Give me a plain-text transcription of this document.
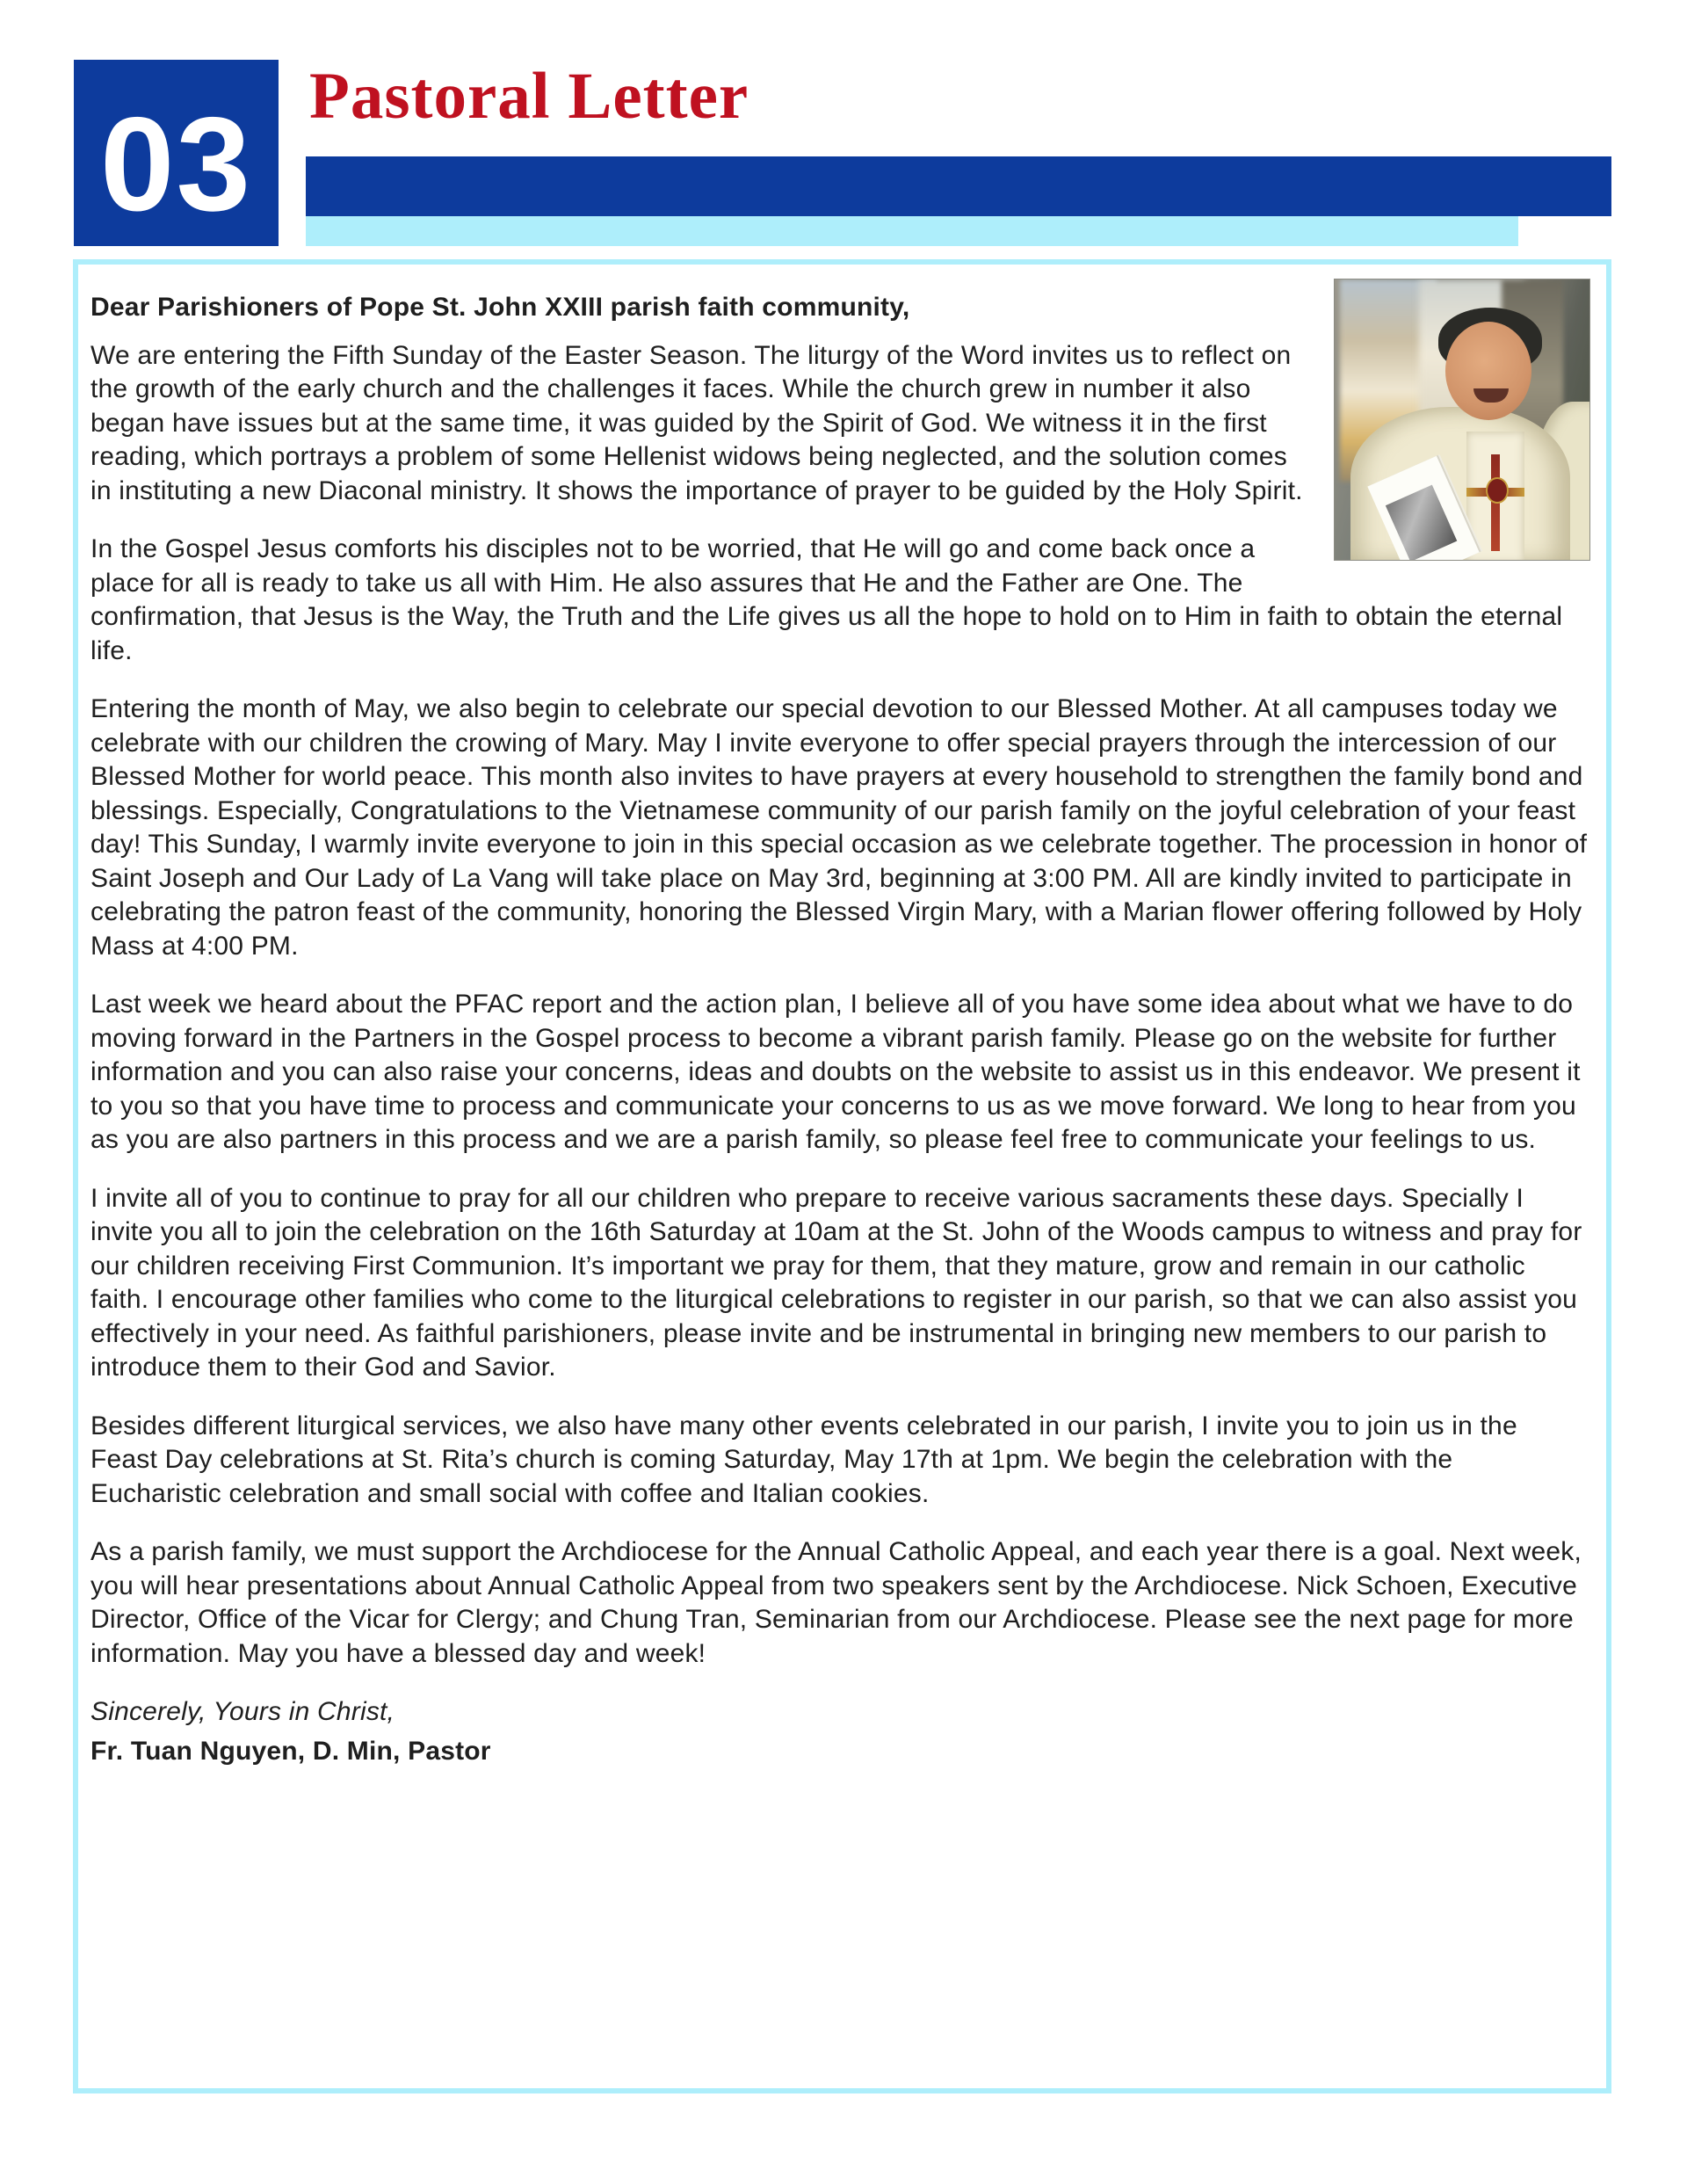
03 Pastoral Letter

Dear Parishioners of Pope St. John XXIII parish faith community,

We are entering the Fifth Sunday of the Easter Season. The liturgy of the Word invites us to reflect on the growth of the early church and the challenges it faces. While the church grew in number it also began have issues but at the same time, it was guided by the Spirit of God. We witness it in the first reading, which portrays a problem of some Hellenist widows being neglected, and the solution comes in instituting a new Diaconal ministry. It shows the importance of prayer to be guided by the Holy Spirit.

In the Gospel Jesus comforts his disciples not to be worried, that He will go and come back once a place for all is ready to take us all with Him. He also assures that He and the Father are One. The confirmation, that Jesus is the Way, the Truth and the Life gives us all the hope to hold on to Him in faith to obtain the eternal life.

Entering the month of May, we also begin to celebrate our special devotion to our Blessed Mother. At all campuses today we celebrate with our children the crowing of Mary. May I invite everyone to offer special prayers through the intercession of our Blessed Mother for world peace. This month also invites to have prayers at every household to strengthen the family bond and blessings. Especially, Congratulations to the Vietnamese community of our parish family on the joyful celebration of your feast day! This Sunday, I warmly invite everyone to join in this special occasion as we celebrate together. The procession in honor of Saint Joseph and Our Lady of La Vang will take place on May 3rd, beginning at 3:00 PM. All are kindly invited to participate in celebrating the patron feast of the community, honoring the Blessed Virgin Mary, with a Marian flower offering followed by Holy Mass at 4:00 PM.

Last week we heard about the PFAC report and the action plan, I believe all of you have some idea about what we have to do moving forward in the Partners in the Gospel process to become a vibrant parish family. Please go on the website for further information and you can also raise your concerns, ideas and doubts on the website to assist us in this endeavor. We present it to you so that you have time to process and communicate your concerns to us as we move forward. We long to hear from you as you are also partners in this process and we are a parish family, so please feel free to communicate your feelings to us.

I invite all of you to continue to pray for all our children who prepare to receive various sacraments these days. Specially I invite you all to join the celebration on the 16th Saturday at 10am at the St. John of the Woods campus to witness and pray for our children receiving First Communion. It’s important we pray for them, that they mature, grow and remain in our catholic faith. I encourage other families who come to the liturgical celebrations to register in our parish, so that we can also assist you effectively in your need. As faithful parishioners, please invite and be instrumental in bringing new members to our parish to introduce them to their God and Savior.

Besides different liturgical services, we also have many other events celebrated in our parish, I invite you to join us in the Feast Day celebrations at St. Rita’s church is coming Saturday, May 17th at 1pm. We begin the celebration with the Eucharistic celebration and small social with coffee and Italian cookies.

As a parish family, we must support the Archdiocese for the Annual Catholic Appeal, and each year there is a goal. Next week, you will hear presentations about Annual Catholic Appeal from two speakers sent by the Archdiocese. Nick Schoen, Executive Director, Office of the Vicar for Clergy; and Chung Tran, Seminarian from our Archdiocese. Please see the next page for more information. May you have a blessed day and week!

Sincerely, Yours in Christ,

Fr. Tuan Nguyen, D. Min, Pastor
